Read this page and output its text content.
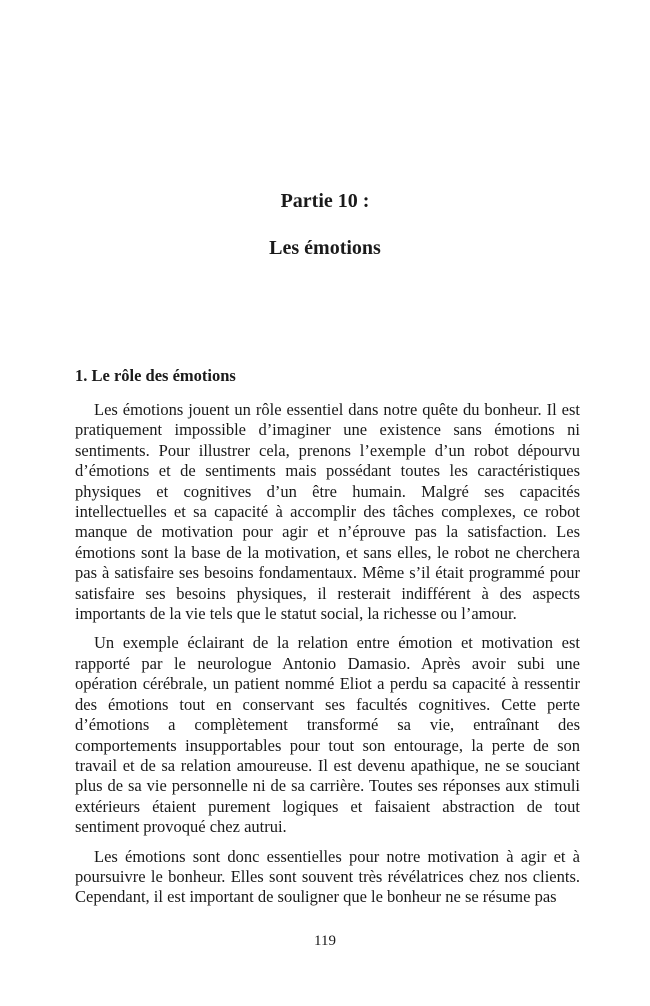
Partie 10 :
Les émotions
1. Le rôle des émotions

Les émotions jouent un rôle essentiel dans notre quête du bonheur. Il est pratiquement impossible d’imaginer une existence sans émotions ni sentiments. Pour illustrer cela, prenons l’exemple d’un robot dépourvu d’émotions et de sentiments mais possédant toutes les caractéristiques physiques et cognitives d’un être humain. Malgré ses capacités intellectuelles et sa capacité à accomplir des tâches complexes, ce robot manque de motivation pour agir et n’éprouve pas la satisfaction. Les émotions sont la base de la motivation, et sans elles, le robot ne cherchera pas à satisfaire ses besoins fondamentaux. Même s’il était programmé pour satisfaire ses besoins physiques, il resterait indifférent à des aspects importants de la vie tels que le statut social, la richesse ou l’amour.

Un exemple éclairant de la relation entre émotion et motivation est rapporté par le neurologue Antonio Damasio. Après avoir subi une opération cérébrale, un patient nommé Eliot a perdu sa capacité à ressentir des émotions tout en conservant ses facultés cognitives. Cette perte d’émotions a complètement transformé sa vie, entraînant des comportements insupportables pour tout son entourage, la perte de son travail et de sa relation amoureuse. Il est devenu apathique, ne se souciant plus de sa vie personnelle ni de sa carrière. Toutes ses réponses aux stimuli extérieurs étaient purement logiques et faisaient abstraction de tout sentiment provoqué chez autrui.

Les émotions sont donc essentielles pour notre motivation à agir et à poursuivre le bonheur. Elles sont souvent très révélatrices chez nos clients. Cependant, il est important de souligner que le bonheur ne se résume pas

119
